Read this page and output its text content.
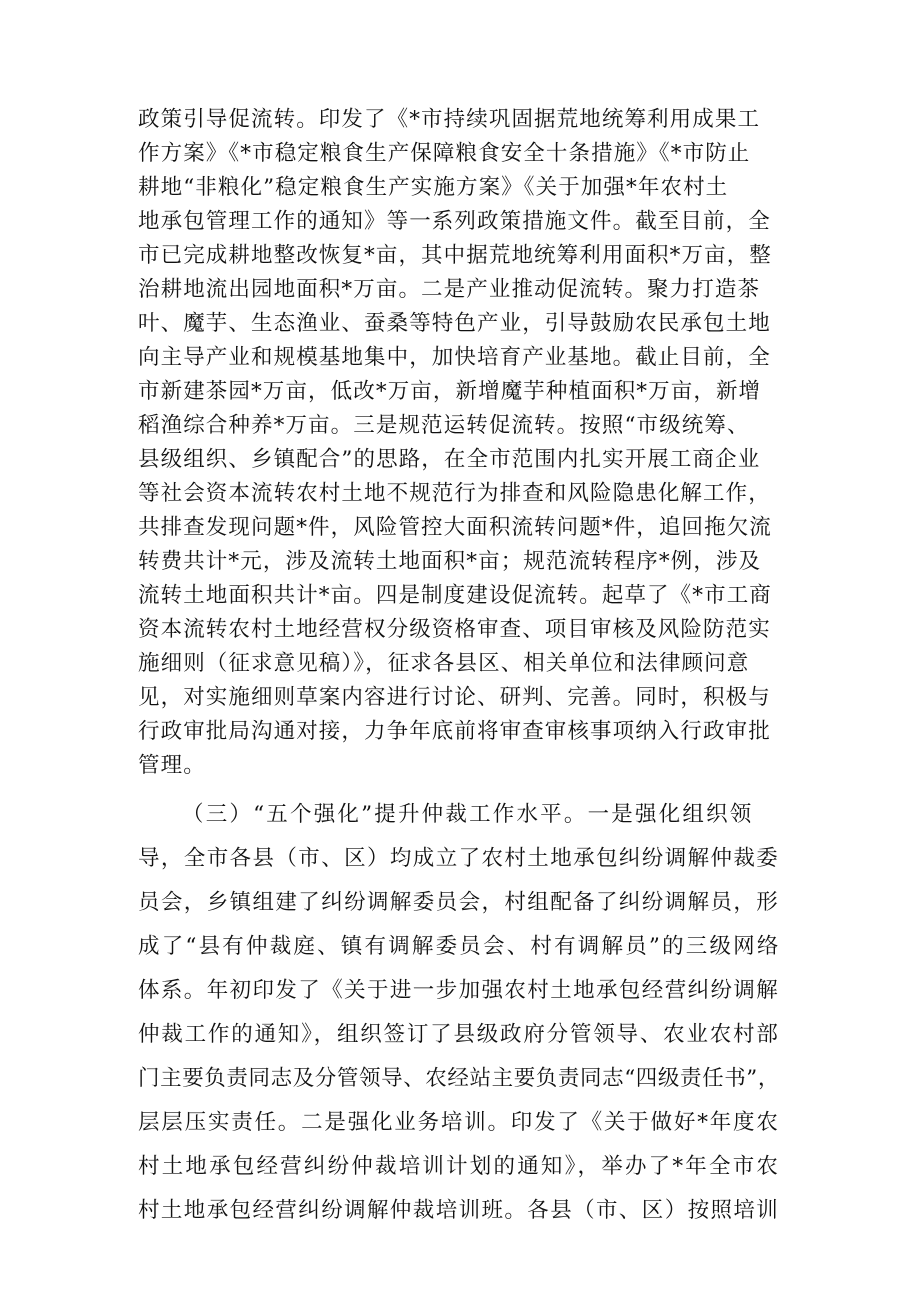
政策引导促流转。印发了《*市持续巩固据荒地统筹利用成果工
作方案》《*市稳定粮食生产保障粮食安全十条措施》《*市防止
耕地“非粮化”稳定粮食生产实施方案》《关于加强*年农村土
地承包管理工作的通知》等一系列政策措施文件。截至目前，全
市已完成耕地整改恢复*亩，其中据荒地统筹利用面积*万亩，整
治耕地流出园地面积*万亩。二是产业推动促流转。聚力打造茶
叶、魔芋、生态渔业、蚕桑等特色产业，引导鼓励农民承包土地
向主导产业和规模基地集中，加快培育产业基地。截止目前，全
市新建茶园*万亩，低改*万亩，新增魔芋种植面积*万亩，新增
稻渔综合种养*万亩。三是规范运转促流转。按照“市级统筹、
县级组织、乡镇配合”的思路，在全市范围内扎实开展工商企业
等社会资本流转农村土地不规范行为排查和风险隐患化解工作，
共排查发现问题*件，风险管控大面积流转问题*件，追回拖欠流
转费共计*元，涉及流转土地面积*亩；规范流转程序*例，涉及
流转土地面积共计*亩。四是制度建设促流转。起草了《*市工商
资本流转农村土地经营权分级资格审查、项目审核及风险防范实
施细则（征求意见稿）》，征求各县区、相关单位和法律顾问意
见，对实施细则草案内容进行讨论、研判、完善。同时，积极与
行政审批局沟通对接，力争年底前将审查审核事项纳入行政审批
管理。
（三）“五个强化”提升仲裁工作水平。一是强化组织领
导，全市各县（市、区）均成立了农村土地承包纠纷调解仲裁委
员会，乡镇组建了纠纷调解委员会，村组配备了纠纷调解员，形
成了“县有仲裁庭、镇有调解委员会、村有调解员”的三级网络
体系。年初印发了《关于进一步加强农村土地承包经营纠纷调解
仲裁工作的通知》，组织签订了县级政府分管领导、农业农村部
门主要负责同志及分管领导、农经站主要负责同志“四级责任书”，
层层压实责任。二是强化业务培训。印发了《关于做好*年度农
村土地承包经营纠纷仲裁培训计划的通知》，举办了*年全市农
村土地承包经营纠纷调解仲裁培训班。各县（市、区）按照培训
